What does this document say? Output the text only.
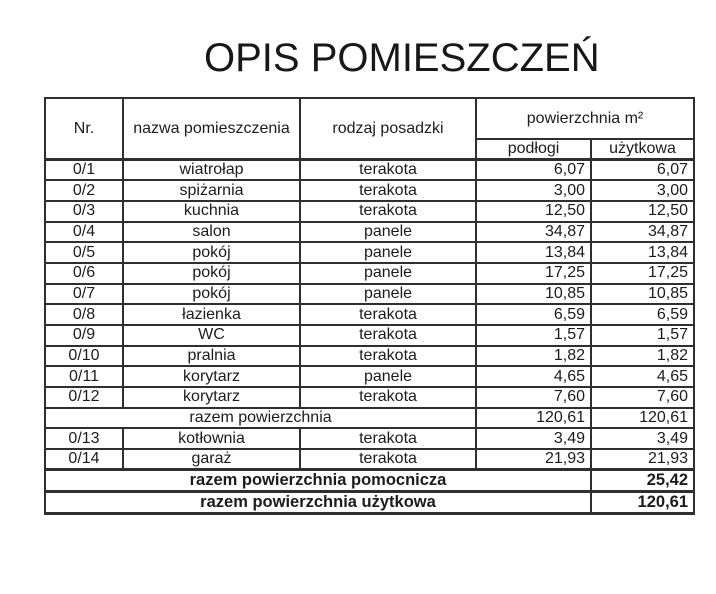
OPIS POMIESZCZEŃ
Nr.	nazwa pomieszczenia	rodzaj posadzki	powierzchnia m²	
			podłogi	użytkowa
0/1	wiatrołap	terakota	6,07	6,07
0/2	spiżarnia	terakota	3,00	3,00
0/3	kuchnia	terakota	12,50	12,50
0/4	salon	panele	34,87	34,87
0/5	pokój	panele	13,84	13,84
0/6	pokój	panele	17,25	17,25
0/7	pokój	panele	10,85	10,85
0/8	łazienka	terakota	6,59	6,59
0/9	WC	terakota	1,57	1,57
0/10	pralnia	terakota	1,82	1,82
0/11	korytarz	panele	4,65	4,65
0/12	korytarz	terakota	7,60	7,60
razem powierzchnia			120,61	120,61
0/13	kotłownia	terakota	3,49	3,49
0/14	garaż	terakota	21,93	21,93
razem powierzchnia pomocnicza				25,42
razem powierzchnia użytkowa				120,61
